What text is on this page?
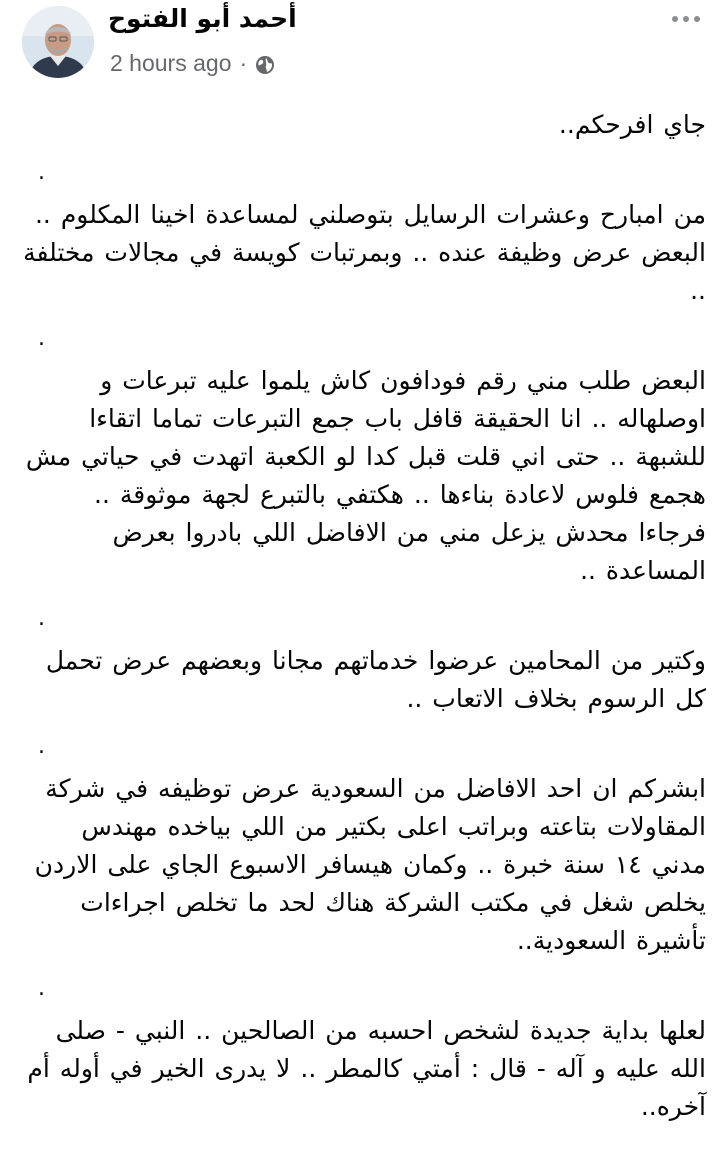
أحمد أبو الفتوح
2 hours ago ·

جاي افرحكم..

.

من امبارح وعشرات الرسايل بتوصلني لمساعدة اخينا المكلوم .. البعض عرض وظيفة عنده .. وبمرتبات كويسة في مجالات مختلفة ..

.

البعض طلب مني رقم فودافون كاش يلموا عليه تبرعات و اوصلهاله .. انا الحقيقة قافل باب جمع التبرعات تماما اتقاءا للشبهة .. حتى اني قلت قبل كدا لو الكعبة اتهدت في حياتي مش هجمع فلوس لاعادة بناءها .. هكتفي بالتبرع لجهة موثوقة .. فرجاءا محدش يزعل مني من الافاضل اللي بادروا بعرض المساعدة ..

.

وكتير من المحامين عرضوا خدماتهم مجانا وبعضهم عرض تحمل كل الرسوم بخلاف الاتعاب ..

.

ابشركم ان احد الافاضل من السعودية عرض توظيفه في شركة المقاولات بتاعته وبراتب اعلى بكتير من اللي بياخده مهندس مدني ١٤ سنة خبرة .. وكمان هيسافر الاسبوع الجاي على الاردن يخلص شغل في مكتب الشركة هناك لحد ما تخلص اجراءات تأشيرة السعودية..

.

لعلها بداية جديدة لشخص احسبه من الصالحين .. النبي - صلى الله عليه و آله - قال : أمتي كالمطر .. لا يدرى الخير في أوله أم آخره..
